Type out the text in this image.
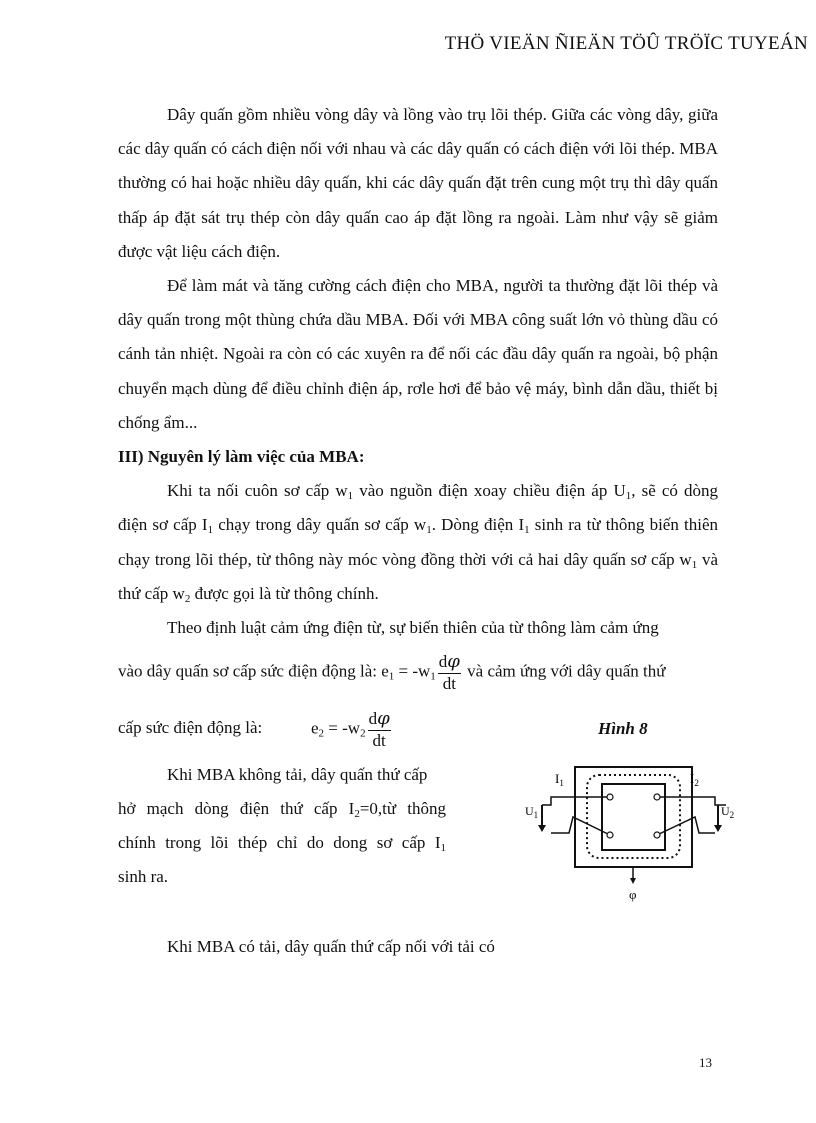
THÖ VIEÄN ÑIEÄN TÖÛ TRÖÏC TUYEÁN

Dây quấn gồm nhiều vòng dây và lồng vào trụ lõi thép. Giữa các vòng dây, giữa các dây quấn có cách điện nối với nhau và các dây quấn có cách điện với lõi thép. MBA thường có hai hoặc nhiều dây quấn, khi các dây quấn đặt trên cung một trụ thì dây quấn thấp áp đặt sát trụ thép còn dây quấn cao áp đặt lồng ra ngoài. Làm như vậy sẽ giảm được vật liệu cách điện.

Để làm mát và tăng cường cách điện cho MBA, người ta thường đặt lõi thép và dây quấn trong một thùng chứa dầu MBA. Đối với MBA công suất lớn vỏ thùng dầu có cánh tản nhiệt. Ngoài ra còn có các xuyên ra để nối các đầu dây quấn ra ngoài, bộ phận chuyển mạch dùng để điều chỉnh điện áp, rơle hơi để bảo vệ máy, bình dẫn dầu, thiết bị chống ẩm...

III) Nguyên lý làm việc của MBA:

Khi ta nối cuôn sơ cấp $w_1$ vào nguồn điện xoay chiều điện áp $U_1$, sẽ có dòng điện sơ cấp $I_1$ chạy trong dây quấn sơ cấp $w_1$. Dòng điện $I_1$ sinh ra từ thông biến thiên chạy trong lõi thép, từ thông này móc vòng đồng thời với cả hai dây quấn sơ cấp $w_1$ và thứ cấp $w_2$ được gọi là từ thông chính.

Theo định luật cảm ứng điện từ, sự biến thiên của từ thông làm cảm ứng

vào dây quấn sơ cấp sức điện động là: $e_1 = -w_1 \frac{d\varphi}{dt}$ và cảm ứng với dây quấn thứ
cấp sức điện động là:	$e_2 = -w_2 \frac{d\varphi}{dt}$	Hình 8
Khi MBA không tải, dây quấn thứ cấp
hở mạch dòng điện thứ cấp $I_2=0,từ$ thông
chính trong lõi thép chỉ do dong sơ cấp $I_1$
sinh ra.
Khi MBA có tải, dây quấn thứ cấp nối với tải có
$I_1$	$I_2$
$U_1$	$U_2$
φ
13
